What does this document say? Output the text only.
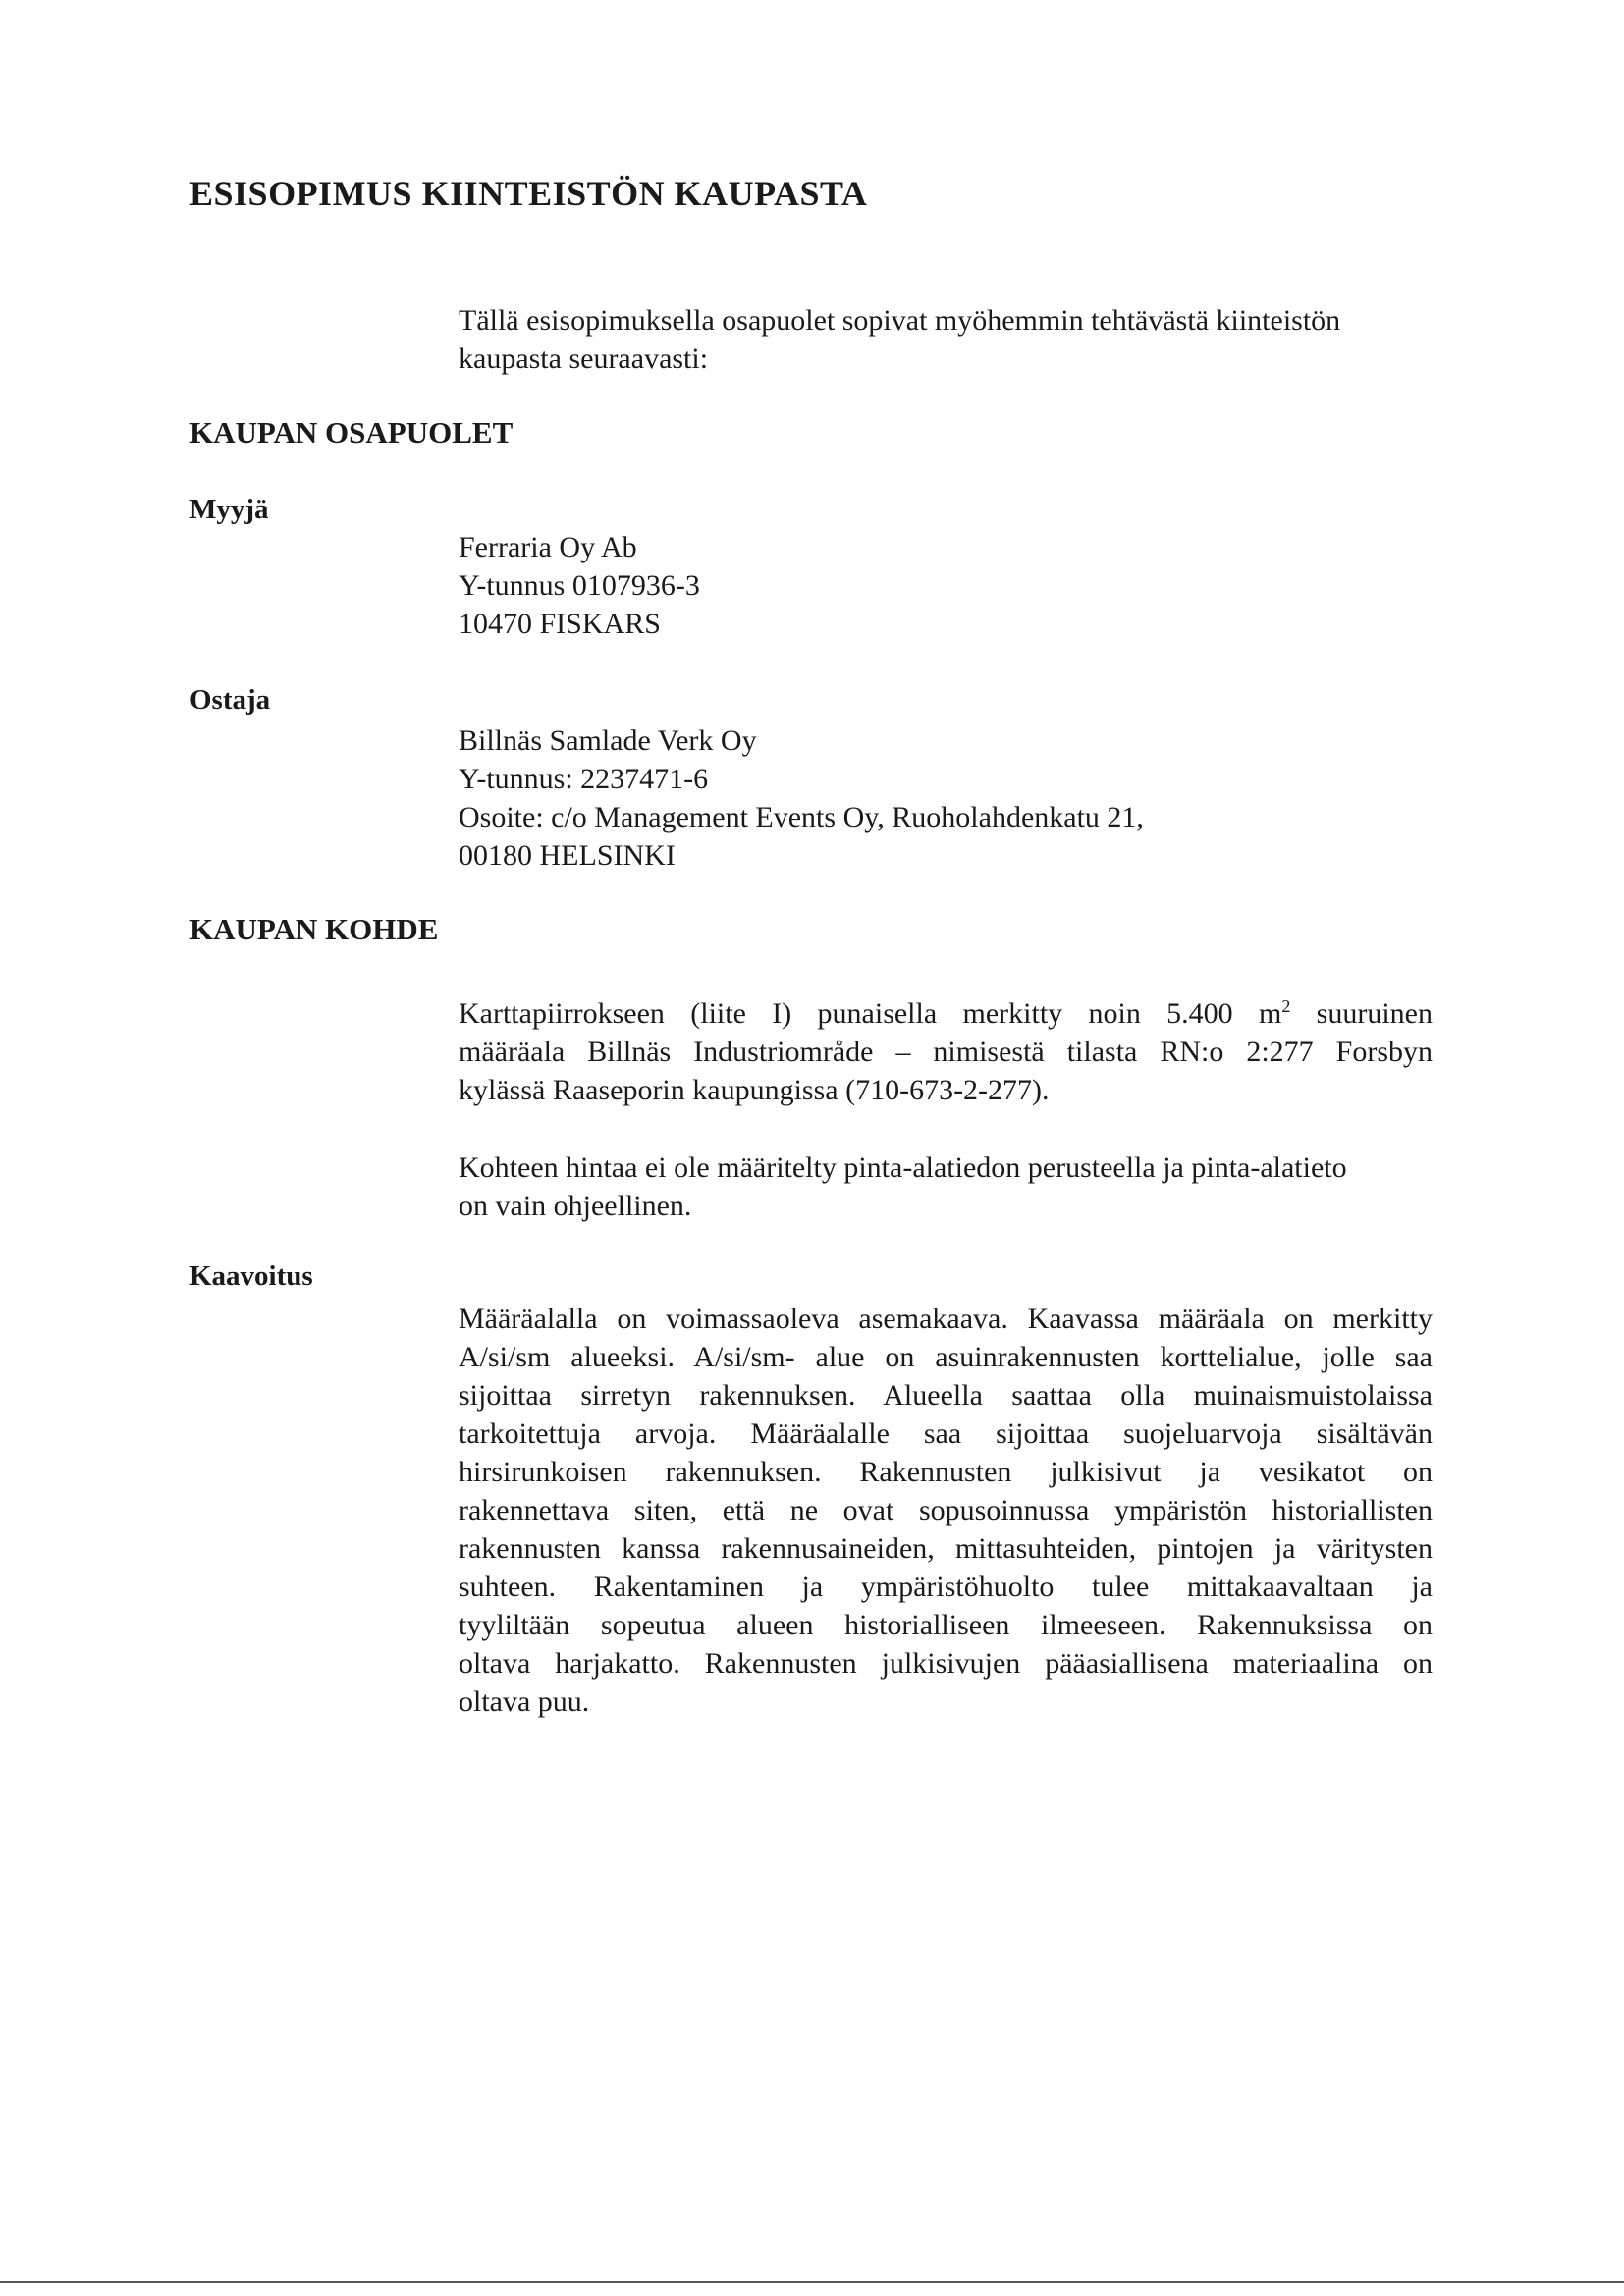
ESISOPIMUS KIINTEISTÖN KAUPASTA
Tällä esisopimuksella osapuolet sopivat myöhemmin tehtävästä kiinteistön
kaupasta seuraavasti:
KAUPAN OSAPUOLET
Myyjä
Ferraria Oy Ab
Y-tunnus 0107936-3
10470 FISKARS
Ostaja
Billnäs Samlade Verk Oy
Y-tunnus: 2237471-6
Osoite: c/o Management Events Oy, Ruoholahdenkatu 21,
00180 HELSINKI
KAUPAN KOHDE
Karttapiirrokseen (liite I) punaisella merkitty noin 5.400 $m^2$ suuruinen
määräala Billnäs Industriområde – nimisestä tilasta RN:o 2:277 Forsbyn
kylässä Raaseporin kaupungissa (710-673-2-277).
Kohteen hintaa ei ole määritelty pinta-alatiedon perusteella ja pinta-alatieto
on vain ohjeellinen.
Kaavoitus
Määräalalla on voimassaoleva asemakaava. Kaavassa määräala on merkitty
A/si/sm alueeksi. A/si/sm- alue on asuinrakennusten korttelialue, jolle saa
sijoittaa sirretyn rakennuksen. Alueella saattaa olla muinaismuistolaissa
tarkoitettuja arvoja. Määräalalle saa sijoittaa suojeluarvoja sisältävän
hirsirunkoisen rakennuksen. Rakennusten julkisivut ja vesikatot on
rakennettava siten, että ne ovat sopusoinnussa ympäristön historiallisten
rakennusten kanssa rakennusaineiden, mittasuhteiden, pintojen ja väritysten
suhteen. Rakentaminen ja ympäristöhuolto tulee mittakaavaltaan ja
tyyliltään sopeutua alueen historialliseen ilmeeseen. Rakennuksissa on
oltava harjakatto. Rakennusten julkisivujen pääasiallisena materiaalina on
oltava puu.
